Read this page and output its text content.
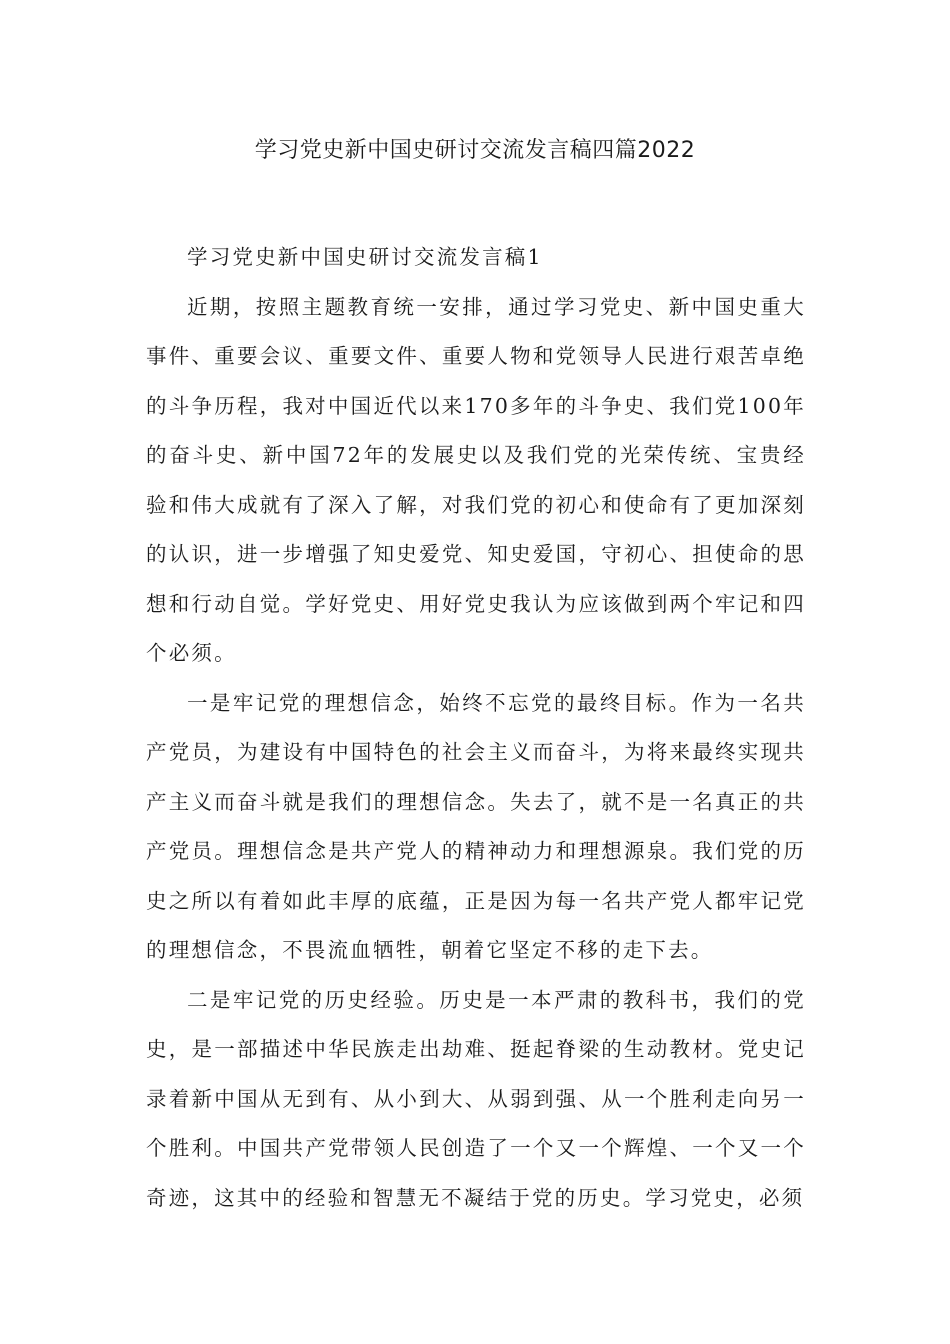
学习党史新中国史研讨交流发言稿四篇2022

学习党史新中国史研讨交流发言稿1

近期，按照主题教育统一安排，通过学习党史、新中国史重大事件、重要会议、重要文件、重要人物和党领导人民进行艰苦卓绝的斗争历程，我对中国近代以来170多年的斗争史、我们党100年的奋斗史、新中国72年的发展史以及我们党的光荣传统、宝贵经验和伟大成就有了深入了解，对我们党的初心和使命有了更加深刻的认识，进一步增强了知史爱党、知史爱国，守初心、担使命的思想和行动自觉。学好党史、用好党史我认为应该做到两个牢记和四个必须。

一是牢记党的理想信念，始终不忘党的最终目标。作为一名共产党员，为建设有中国特色的社会主义而奋斗，为将来最终实现共产主义而奋斗就是我们的理想信念。失去了，就不是一名真正的共产党员。理想信念是共产党人的精神动力和理想源泉。我们党的历史之所以有着如此丰厚的底蕴，正是因为每一名共产党人都牢记党的理想信念，不畏流血牺牲，朝着它坚定不移的走下去。

二是牢记党的历史经验。历史是一本严肃的教科书，我们的党史，是一部描述中华民族走出劫难、挺起脊梁的生动教材。党史记录着新中国从无到有、从小到大、从弱到强、从一个胜利走向另一个胜利。中国共产党带领人民创造了一个又一个辉煌、一个又一个奇迹，这其中的经验和智慧无不凝结于党的历史。学习党史，必须
